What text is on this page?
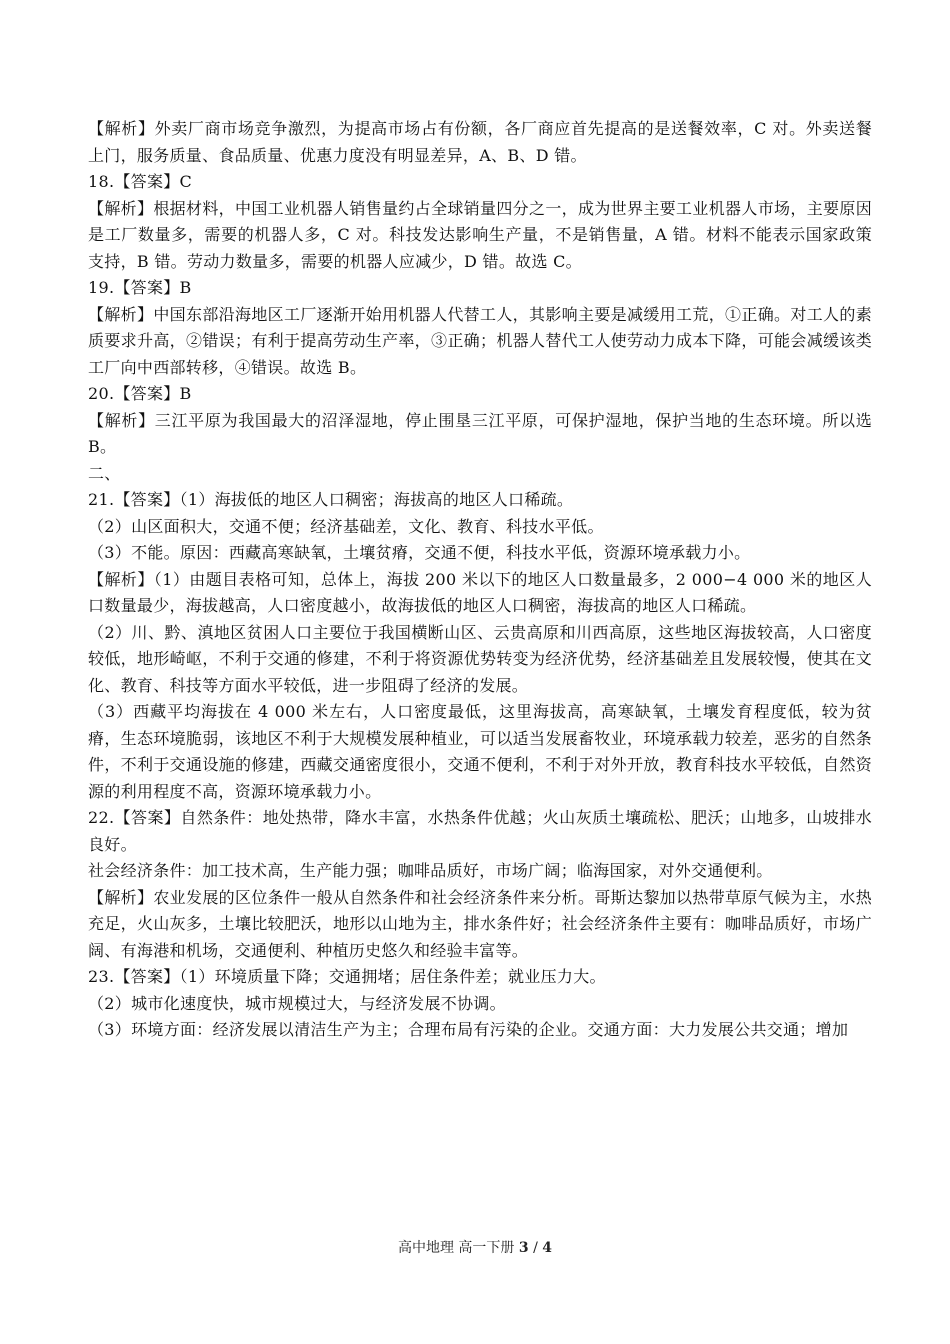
【解析】外卖厂商市场竞争激烈，为提高市场占有份额，各厂商应首先提高的是送餐效率，C 对。外卖送餐上门，服务质量、食品质量、优惠力度没有明显差异，A、B、D 错。

18.【答案】C

【解析】根据材料，中国工业机器人销售量约占全球销量四分之一，成为世界主要工业机器人市场，主要原因是工厂数量多，需要的机器人多，C 对。科技发达影响生产量，不是销售量，A 错。材料不能表示国家政策支持，B 错。劳动力数量多，需要的机器人应减少，D 错。故选 C。

19.【答案】B

【解析】中国东部沿海地区工厂逐渐开始用机器人代替工人，其影响主要是减缓用工荒，①正确。对工人的素质要求升高，②错误；有利于提高劳动生产率，③正确；机器人替代工人使劳动力成本下降，可能会减缓该类工厂向中西部转移，④错误。故选 B。

20.【答案】B

【解析】三江平原为我国最大的沼泽湿地，停止围垦三江平原，可保护湿地，保护当地的生态环境。所以选 B。

二、

21.【答案】（1）海拔低的地区人口稠密；海拔高的地区人口稀疏。

（2）山区面积大，交通不便；经济基础差，文化、教育、科技水平低。

（3）不能。原因：西藏高寒缺氧，土壤贫瘠，交通不便，科技水平低，资源环境承载力小。

【解析】（1）由题目表格可知，总体上，海拔 200 米以下的地区人口数量最多，2 000−4 000 米的地区人口数量最少，海拔越高，人口密度越小，故海拔低的地区人口稠密，海拔高的地区人口稀疏。

（2）川、黔、滇地区贫困人口主要位于我国横断山区、云贵高原和川西高原，这些地区海拔较高，人口密度较低，地形崎岖，不利于交通的修建，不利于将资源优势转变为经济优势，经济基础差且发展较慢，使其在文化、教育、科技等方面水平较低，进一步阻碍了经济的发展。

（3）西藏平均海拔在 4 000 米左右，人口密度最低，这里海拔高，高寒缺氧，土壤发育程度低，较为贫瘠，生态环境脆弱，该地区不利于大规模发展种植业，可以适当发展畜牧业，环境承载力较差，恶劣的自然条件，不利于交通设施的修建，西藏交通密度很小，交通不便利，不利于对外开放，教育科技水平较低，自然资源的利用程度不高，资源环境承载力小。

22.【答案】自然条件：地处热带，降水丰富，水热条件优越；火山灰质土壤疏松、肥沃；山地多，山坡排水良好。

社会经济条件：加工技术高，生产能力强；咖啡品质好，市场广阔；临海国家，对外交通便利。

【解析】农业发展的区位条件一般从自然条件和社会经济条件来分析。哥斯达黎加以热带草原气候为主，水热充足，火山灰多，土壤比较肥沃，地形以山地为主，排水条件好；社会经济条件主要有：咖啡品质好，市场广阔、有海港和机场，交通便利、种植历史悠久和经验丰富等。

23.【答案】（1）环境质量下降；交通拥堵；居住条件差；就业压力大。

（2）城市化速度快，城市规模过大，与经济发展不协调。

（3）环境方面：经济发展以清洁生产为主；合理布局有污染的企业。交通方面：大力发展公共交通；增加

高中地理 高一下册 3 / 4
